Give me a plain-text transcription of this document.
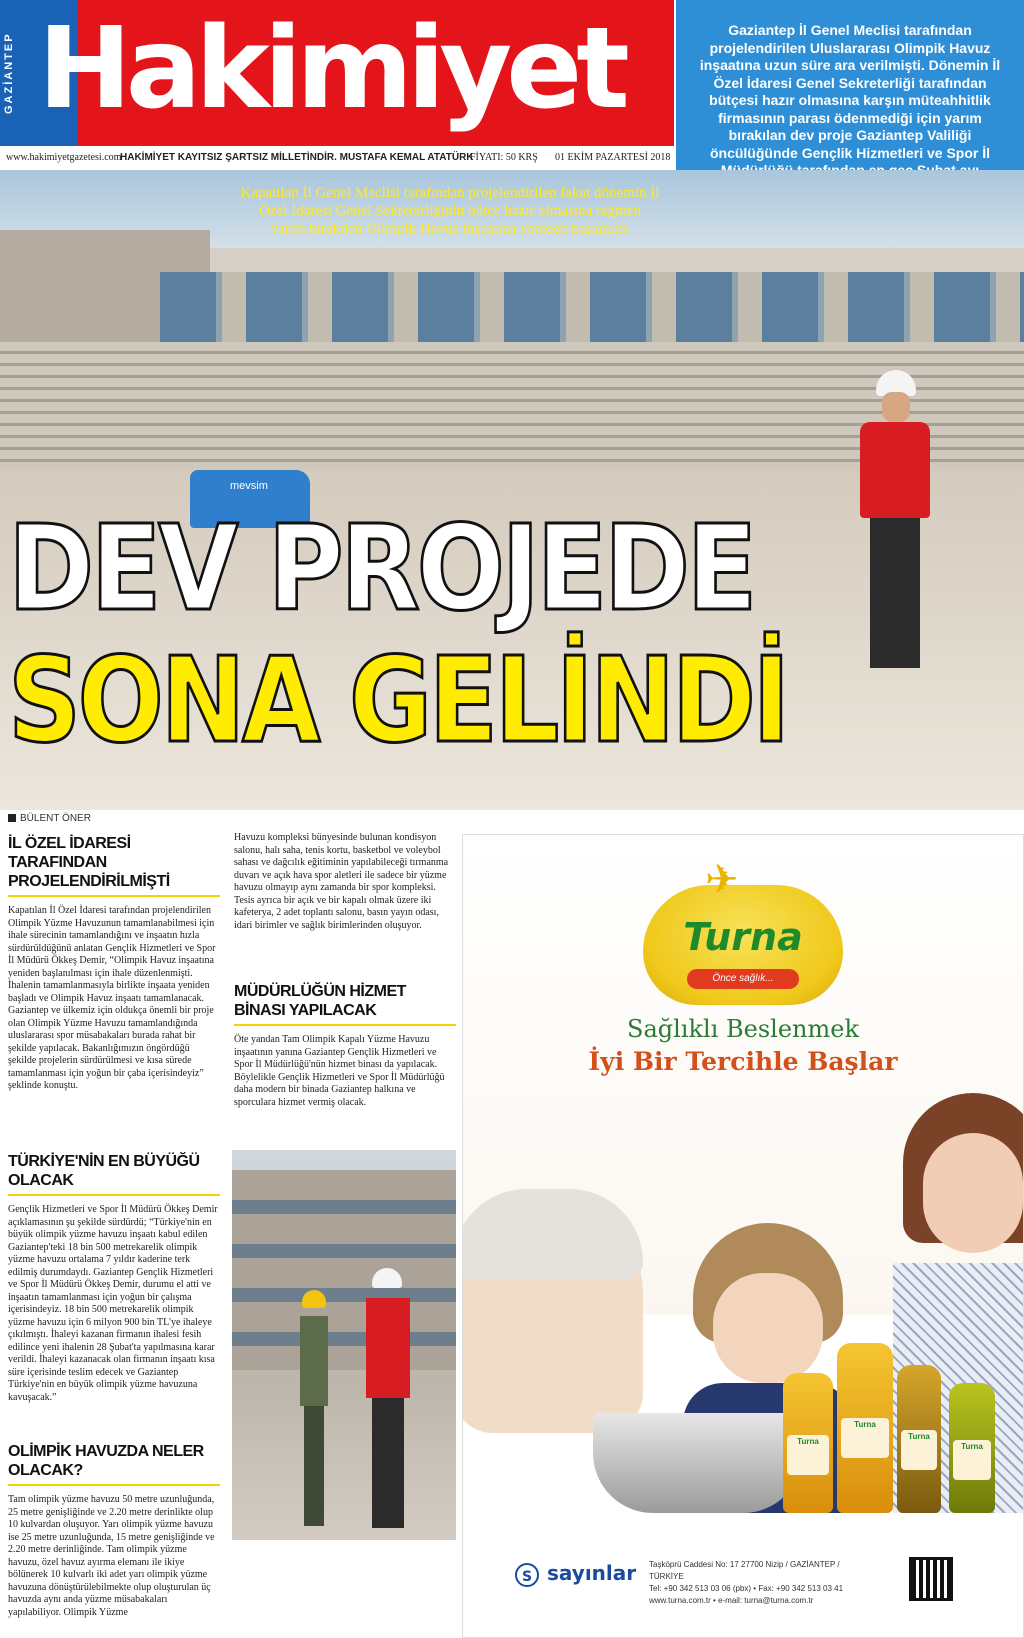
GAZİANTEP Hakimiyet
www.hakimiyetgazetesi.com
HAKİMİYET KAYITSIZ ŞARTSIZ MİLLETİNDİR. MUSTAFA KEMAL ATATÜRK
FİYATI: 50 KRŞ 01 EKİM PAZARTESİ 2018

Gaziantep İl Genel Meclisi tarafından projelendirilen Uluslararası Olimpik Havuz inşaatına uzun süre ara verilmişti. Dönemin İl Özel İdaresi Genel Sekreterliği tarafından bütçesi hazır olmasına karşın müteahhitlik firmasının parası ödenmediği için yarım bırakılan dev proje Gaziantep Valiliği öncülüğünde Gençlik Hizmetleri ve Spor İl

mevsim
Kapatılan İl Genel Meclisi tarafından projelendirilen fakat dönemin İl Özel İdaresi Genel Sekreterliğinin bütçe hazır olmasına rağmen yarım bırakılan Olimpik Havuz inşaatına yeniden başlanıldı
DEV PROJEDE
SONA GELİNDİ
BÜLENT ÖNER
İL ÖZEL İDARESİ TARAFINDAN PROJELENDİRİLMİŞTİ

Kapatılan İl Özel İdaresi tarafından projelendirilen Olimpik Yüzme Havuzunun tamamlanabilmesi için ihale sürecinin tamamlandığını ve inşaatın hızla sürdürüldüğünü anlatan Gençlik Hizmetleri ve Spor İl Müdürü Ökkeş Demir, “Olimpik Havuz inşaatına yeniden başlanılması için ihale düzenlenmişti. İhalenin tamamlanmasıyla birlikte inşaata yeniden başladı ve Olimpik Havuz inşaatı tamamlanacak. Gaziantep ve ülkemiz için oldukça önemli bir proje olan Olimpik Yüzme Havuzu tamamlandığında uluslararası spor müsabakaları burada rahat bir şekilde yapılacak. Bakanlığımızın öngördüğü şekilde projelerin sürdürülmesi ve kısa sürede tamamlanması için yoğun bir çaba içerisindeyiz” şeklinde konuştu.

TÜRKİYE'NİN EN BÜYÜĞÜ OLACAK

Gençlik Hizmetleri ve Spor İl Müdürü Ökkeş Demir açıklamasının şu şekilde sürdürdü; “Türkiye'nin en büyük olimpik yüzme havuzu inşaatı kabul edilen Gaziantep'teki 18 bin 500 metrekarelik olimpik yüzme havuzu ortalama 7 yıldır kaderine terk edilmiş durumdaydı. Gaziantep Gençlik Hizmetleri ve Spor İl Müdürü Ökkeş Demir, durumu el atti ve inşaatın tamamlanması için yoğun bir çalışma içerisindeyiz. 18 bin 500 metrekarelik olimpik yüzme havuzu için 6 milyon 900 bin TL'ye ihaleye çıkılmıştı. İhaleyi kazanan firmanın ihalesi fesih edilince yeni ihalenin 28 Şubat'ta yapılmasına karar verildi. İhaleyi kazanacak olan firmanın inşaatı kısa süre içerisinde teslim edecek ve Gaziantep Türkiye'nin en büyük olimpik yüzme havuzuna kavuşacak.”

OLİMPİK HAVUZDA NELER OLACAK?

Tam olimpik yüzme havuzu 50 metre uzunluğunda, 25 metre genişliğinde ve 2.20 metre derinlikte olup 10 kulvardan oluşuyor. Yarı olimpik yüzme havuzu ise 25 metre uzunluğunda, 15 metre genişliğinde ve 2.20 metre derinliğinde. Tam olimpik yüzme havuzu, özel havuz ayırma elemanı ile ikiye bölünerek 10 kulvarlı iki adet yarı olimpik yüzme havuzuna dönüştürülebilmekte olup oluşturulan üç havuzda aynı anda yüzme müsabakaları yapılabiliyor. Olimpik Yüzme

Havuzu kompleksi bünyesinde bulunan kondisyon salonu, halı saha, tenis kortu, basketbol ve voleybol sahası ve dağcılık eğitiminin yapılabileceği tırmanma duvarı ve açık hava spor aletleri ile sadece bir yüzme havuzu olmayıp aynı zamanda bir spor kompleksi. Tesis ayrıca bir açık ve bir kapalı olmak üzere iki kafeterya, 2 adet toplantı salonu, basın yayın odası, idari birimler ve sağlık birimlerinden oluşuyor.

MÜDÜRLÜĞÜN HİZMET BİNASI YAPILACAK

Öte yandan Tam Olimpik Kapalı Yüzme Havuzu inşaatının yanına Gaziantep Gençlik Hizmetleri ve Spor İl Müdürlüğü'nün hizmet binası da yapılacak. Böylelikle Gençlik Hizmetleri ve Spor İl Müdürlüğü daha modern bir binada Gaziantep halkına ve sporculara hizmet vermiş olacak.

✈
Turna
Önce sağlık...
Sağlıklı Beslenmek
İyi Bir Tercihle Başlar
Turna
Turna
Turna
Turna
S sayınlar Taşköprü Caddesi No: 17 27700 Nizip / GAZİANTEP / TÜRKİYE
Tel: +90 342 513 03 06 (pbx) • Fax: +90 342 513 03 41
www.turna.com.tr • e-mail: turna@turna.com.tr
